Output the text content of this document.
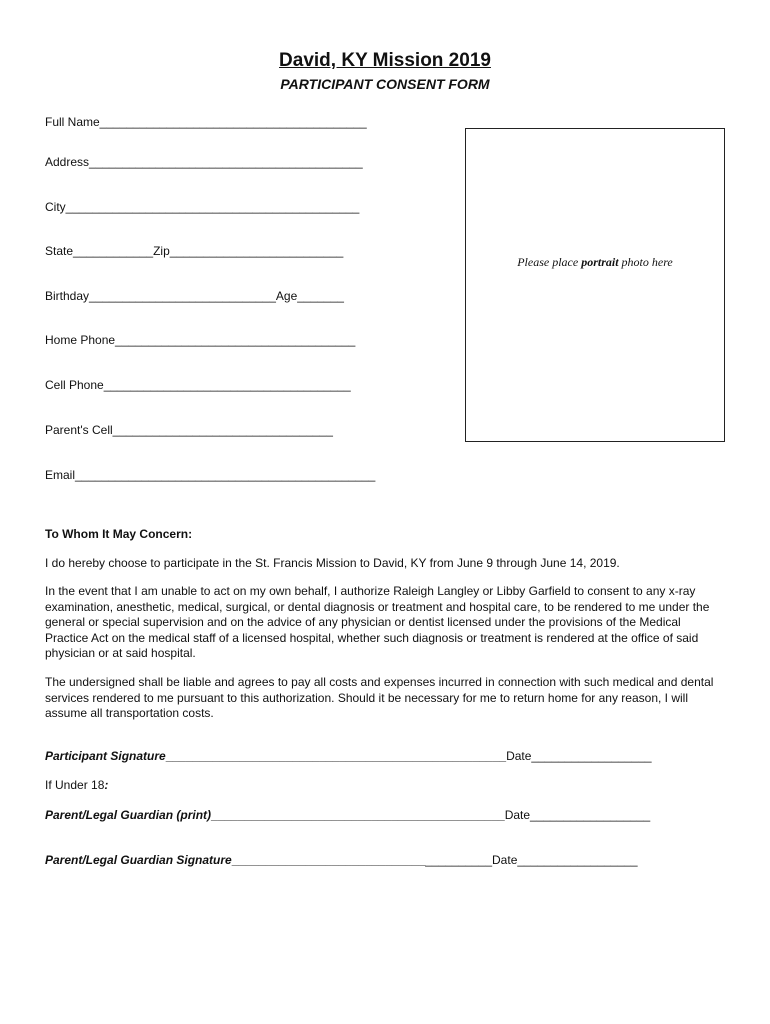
David, KY Mission 2019
PARTICIPANT CONSENT FORM
Full Name________________________________________
Address_________________________________________
City____________________________________________
State____________Zip__________________________
Birthday____________________________Age_______
Home Phone____________________________________
Cell Phone_____________________________________
Parent's Cell_________________________________
Email_____________________________________________
Please place portrait photo here
To Whom It May Concern:
I do hereby choose to participate in the St. Francis Mission to David, KY from June 9 through June 14, 2019.
In the event that I am unable to act on my own behalf, I authorize Raleigh Langley or Libby Garfield to consent to any x-ray examination, anesthetic, medical, surgical, or dental diagnosis or treatment and hospital care, to be rendered to me under the general or special supervision and on the advice of any physician or dentist licensed under the provisions of the Medical Practice Act on the medical staff of a licensed hospital, whether such diagnosis or treatment is rendered at the office of said physician or at said hospital.
The undersigned shall be liable and agrees to pay all costs and expenses incurred in connection with such medical and dental services rendered to me pursuant to this authorization. Should it be necessary for me to return home for any reason, I will assume all transportation costs.
Participant Signature___________________________________________________Date__________________
If Under 18:
Parent/Legal Guardian (print)____________________________________________Date__________________
Parent/Legal Guardian Signature_______________________________________Date__________________
